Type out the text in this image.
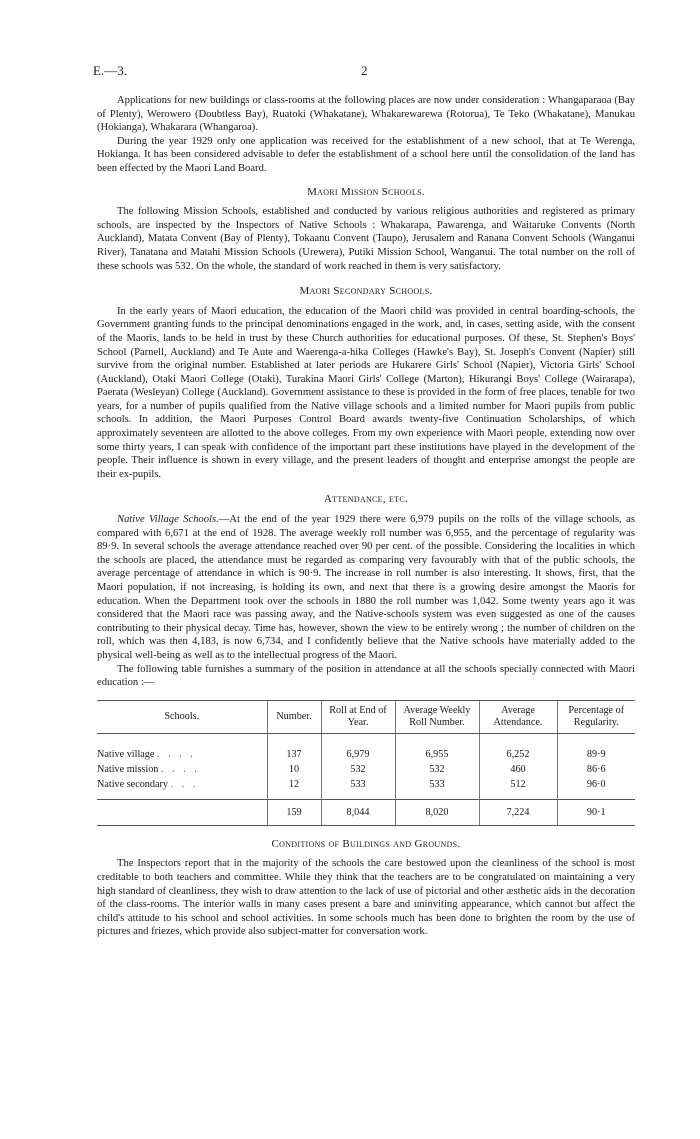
E.—3.	2

Applications for new buildings or class-rooms at the following places are now under consideration : Whangaparaoa (Bay of Plenty), Werowero (Doubtless Bay), Ruatoki (Whakatane), Whakarewarewa (Rotorua), Te Teko (Whakatane), Manukau (Hokianga), Whakarara (Whangaroa).

During the year 1929 only one application was received for the establishment of a new school, that at Te Werenga, Hokianga. It has been considered advisable to defer the establishment of a school here until the consolidation of the land has been effected by the Maori Land Board.

Maori Mission Schools.

The following Mission Schools, established and conducted by various religious authorities and registered as primary schools, are inspected by the Inspectors of Native Schools : Whakarapa, Pawarenga, and Waitaruke Convents (North Auckland), Matata Convent (Bay of Plenty), Tokaanu Convent (Taupo), Jerusalem and Ranana Convent Schools (Wanganui River), Tanatana and Matahi Mission Schools (Urewera), Putiki Mission School, Wanganui. The total number on the roll of these schools was 532. On the whole, the standard of work reached in them is very satisfactory.

Maori Secondary Schools.

In the early years of Maori education, the education of the Maori child was provided in central boarding-schools, the Government granting funds to the principal denominations engaged in the work, and, in cases, setting aside, with the consent of the Maoris, lands to be held in trust by these Church authorities for educational purposes. Of these, St. Stephen's Boys' School (Parnell, Auckland) and Te Aute and Waerenga-a-hika Colleges (Hawke's Bay), St. Joseph's Convent (Napier) still survive from the original number. Established at later periods are Hukarere Girls' School (Napier), Victoria Girls' School (Auckland), Otaki Maori College (Otaki), Turakina Maori Girls' College (Marton), Hikurangi Boys' College (Wairarapa), Paerata (Wesleyan) College (Auckland). Government assistance to these is provided in the form of free places, tenable for two years, for a number of pupils qualified from the Native village schools and a limited number for Maori pupils from public schools. In addition, the Maori Purposes Control Board awards twenty-five Continuation Scholarships, of which approximately seventeen are allotted to the above colleges. From my own experience with Maori people, extending now over some thirty years, I can speak with confidence of the important part these institutions have played in the development of the people. Their influence is shown in every village, and the present leaders of thought and enterprise amongst the people are their ex-pupils.

Attendance, etc.

Native Village Schools.—At the end of the year 1929 there were 6,979 pupils on the rolls of the village schools, as compared with 6,671 at the end of 1928. The average weekly roll number was 6,955, and the percentage of regularity was 89·9. In several schools the average attendance reached over 90 per cent. of the possible. Considering the localities in which the schools are placed, the attendance must be regarded as comparing very favourably with that of the public schools, the average percentage of attendance in which is 90·9. The increase in roll number is also interesting. It shows, first, that the Maori population, if not increasing, is holding its own, and next that there is a growing desire amongst the Maoris for education. When the Department took over the schools in 1880 the roll number was 1,042. Some twenty years ago it was considered that the Maori race was passing away, and the Native-schools system was even suggested as one of the causes contributing to their physical decay. Time has, however, shown the view to be entirely wrong ; the number of children on the roll, which was then 4,183, is now 6,734, and I confidently believe that the Native schools have materially added to the physical well-being as well as to the intellectual progress of the Maori.

The following table furnishes a summary of the position in attendance at all the schools specially connected with Maori education :—

Schools.	Number.	Roll at End of Year.	Average Weekly Roll Number.	Average Attendance.	Percentage of Regularity.
Native village . . . .	137	6,979	6,955	6,252	89·9
Native mission . . . .	10	532	532	460	86·6
Native secondary . . .	12	533	533	512	96·0
	159	8,044	8,020	7,224	90·1
Conditions of Buildings and Grounds.

The Inspectors report that in the majority of the schools the care bestowed upon the cleanliness of the school is most creditable to both teachers and committee. While they think that the teachers are to be congratulated on maintaining a very high standard of cleanliness, they wish to draw attention to the lack of use of pictorial and other æsthetic aids in the decoration of the class-rooms. The interior walls in many cases present a bare and uninviting appearance, which cannot but affect the child's attitude to his school and school activities. In some schools much has been done to brighten the room by the use of pictures and friezes, which provide also subject-matter for conversation work.
